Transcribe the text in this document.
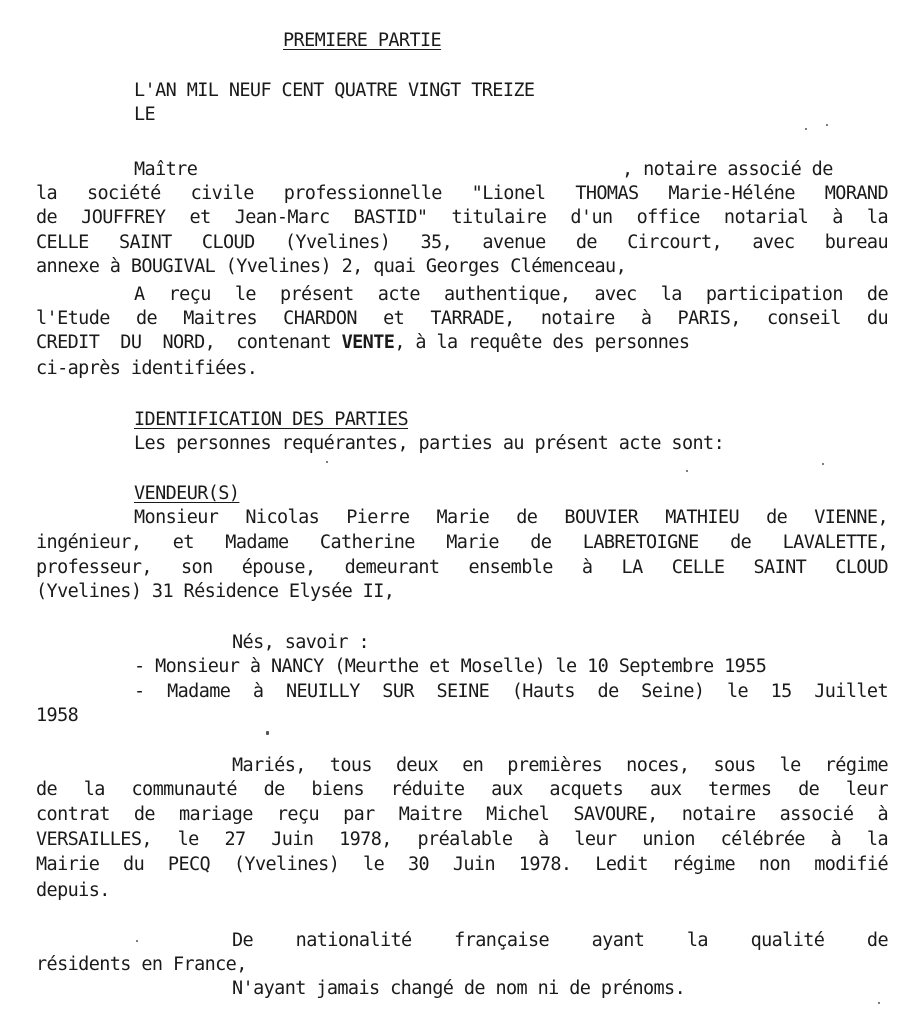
PREMIERE PARTIE
L'AN MIL NEUF CENT QUATRE VINGT TREIZE
LE
Maître	, notaire associé de
la société civile professionnelle "Lionel THOMAS Marie-Héléne MORAND
de JOUFFREY et Jean-Marc BASTID" titulaire d'un office notarial à la
CELLE SAINT CLOUD (Yvelines) 35, avenue de Circourt, avec bureau
annexe à BOUGIVAL (Yvelines) 2, quai Georges Clémenceau,
A reçu le présent acte authentique, avec la participation de
l'Etude de Maitres CHARDON et TARRADE, notaire à PARIS, conseil du
CREDIT  DU  NORD,  contenant VENTE, à la requête des personnes
ci-après identifiées.
IDENTIFICATION DES PARTIES
Les personnes requérantes, parties au présent acte sont:
VENDEUR(S)
Monsieur Nicolas Pierre Marie de BOUVIER MATHIEU de VIENNE,
ingénieur, et Madame Catherine Marie de LABRETOIGNE de LAVALETTE,
professeur, son épouse, demeurant ensemble à LA CELLE SAINT CLOUD
(Yvelines) 31 Résidence Elysée II,
Nés, savoir :
- Monsieur à NANCY (Meurthe et Moselle) le 10 Septembre 1955
- Madame à NEUILLY SUR SEINE (Hauts de Seine) le 15 Juillet
1958
Mariés, tous deux en premières noces, sous le régime
de la communauté de biens réduite aux acquets aux termes de leur
contrat de mariage reçu par Maitre Michel SAVOURE, notaire associé à
VERSAILLES, le 27 Juin 1978, préalable à leur union célébrée à la
Mairie du PECQ (Yvelines) le 30 Juin 1978. Ledit régime non modifié
depuis.
De nationalité française ayant la qualité de
résidents en France,
N'ayant jamais changé de nom ni de prénoms.
